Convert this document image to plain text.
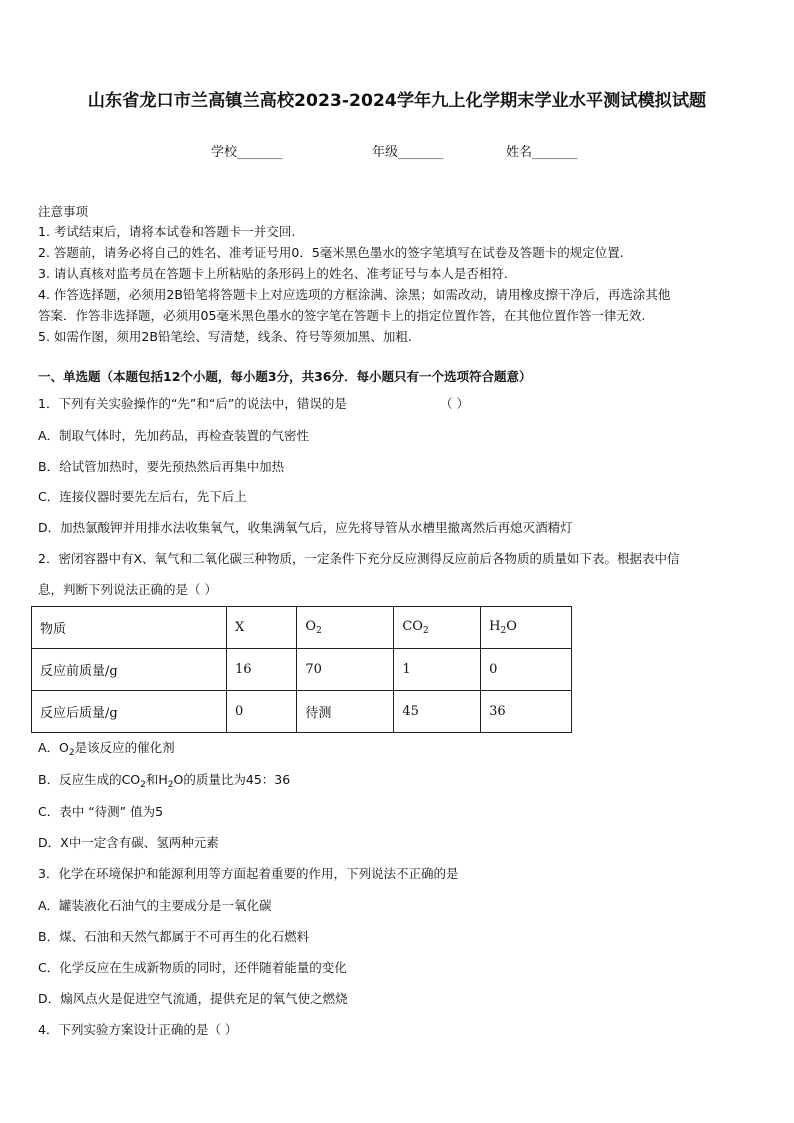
山东省龙口市兰高镇兰高校2023-2024学年九上化学期末学业水平测试模拟试题
学校_______	年级_______	姓名_______
注意事项
1. 考试结束后，请将本试卷和答题卡一并交回.
2. 答题前，请务必将自己的姓名、准考证号用0．5毫米黑色墨水的签字笔填写在试卷及答题卡的规定位置.
3. 请认真核对监考员在答题卡上所粘贴的条形码上的姓名、准考证号与本人是否相符.
4. 作答选择题，必须用2B铅笔将答题卡上对应选项的方框涂满、涂黑；如需改动，请用橡皮擦干净后，再选涂其他
答案．作答非选择题，必须用05毫米黑色墨水的签字笔在答题卡上的指定位置作答，在其他位置作答一律无效.
5. 如需作图，须用2B铅笔绘、写清楚，线条、符号等须加黑、加粗.
一、单选题（本题包括12个小题，每小题3分，共36分．每小题只有一个选项符合题意）
1．下列有关实验操作的“先”和“后”的说法中，错误的是	（ ）
A．制取气体时，先加药品，再检查装置的气密性
B．给试管加热时，要先预热然后再集中加热
C．连接仪器时要先左后右，先下后上
D．加热氯酸钾并用排水法收集氧气，收集满氧气后，应先将导管从水槽里撤离然后再熄灭酒精灯
2．密闭容器中有X、氧气和二氧化碳三种物质，一定条件下充分反应测得反应前后各物质的质量如下表。根据表中信
息，判断下列说法正确的是（ ）
物质	X	$O_2$	$CO_2$	$H_2O$
反应前质量/g	16	70	1	0
反应后质量/g	0	待测	45	36
A．$O_2$是该反应的催化剂
B．反应生成的$CO_2$和$H_2O$的质量比为45：36
C．表中 “待测” 值为5
D．X中一定含有碳、氢两种元素
3．化学在环境保护和能源利用等方面起着重要的作用，下列说法不正确的是
A．罐装液化石油气的主要成分是一氧化碳
B．煤、石油和天然气都属于不可再生的化石燃料
C．化学反应在生成新物质的同时，还伴随着能量的变化
D．煽风点火是促进空气流通，提供充足的氧气使之燃烧
4．下列实验方案设计正确的是（ ）
